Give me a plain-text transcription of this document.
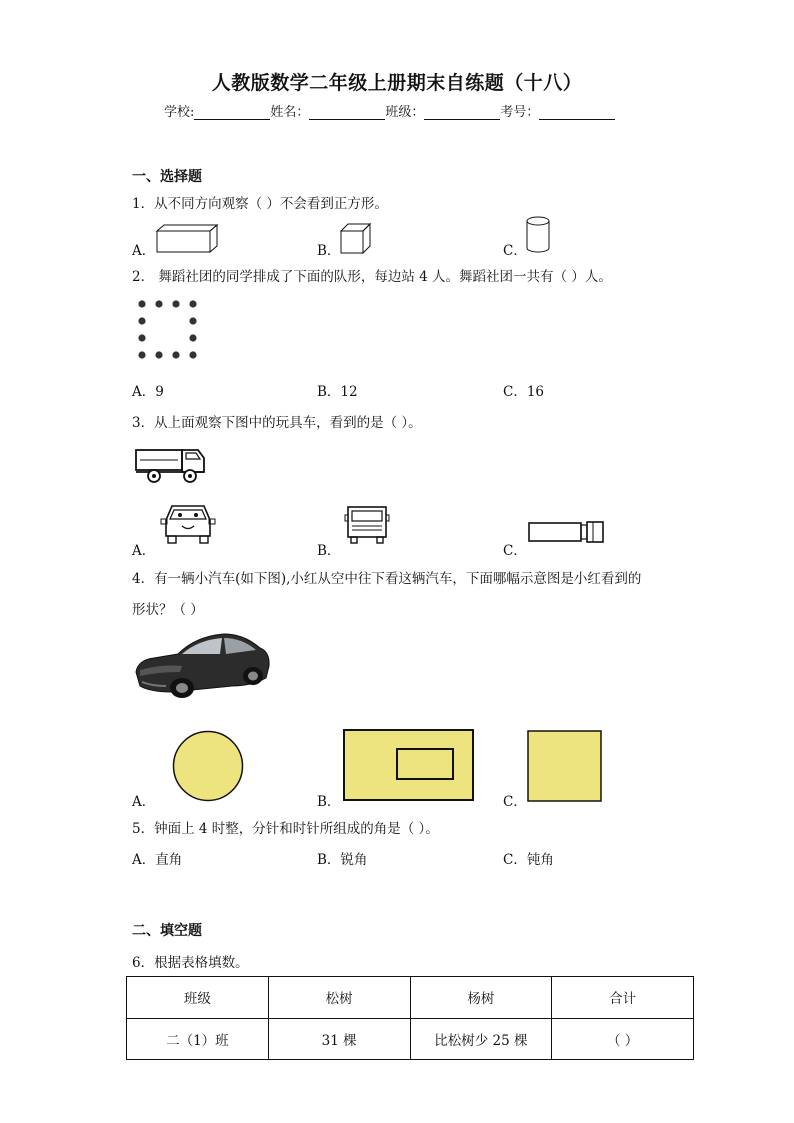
人教版数学二年级上册期末自练题（十八）
学校:	姓名：	班级：	考号：
一、选择题
1．从不同方向观察（ ）不会看到正方形。
A．	B．	C．
2． 舞蹈社团的同学排成了下面的队形，每边站 4 人。舞蹈社团一共有（ ）人。
A．9	B．12	C．16
3．从上面观察下图中的玩具车，看到的是（ ）。
A．	B．	C．
4．有一辆小汽车(如下图),小红从空中往下看这辆汽车，下面哪幅示意图是小红看到的
形状？（ ）
A．	B．	C．
5．钟面上 4 时整，分针和时针所组成的角是（ ）。
A．直角	B．锐角	C．钝角
二、填空题
6．根据表格填数。
班级	松树	杨树	合计
二（1）班	31 棵	比松树少 25 棵	（ ）
